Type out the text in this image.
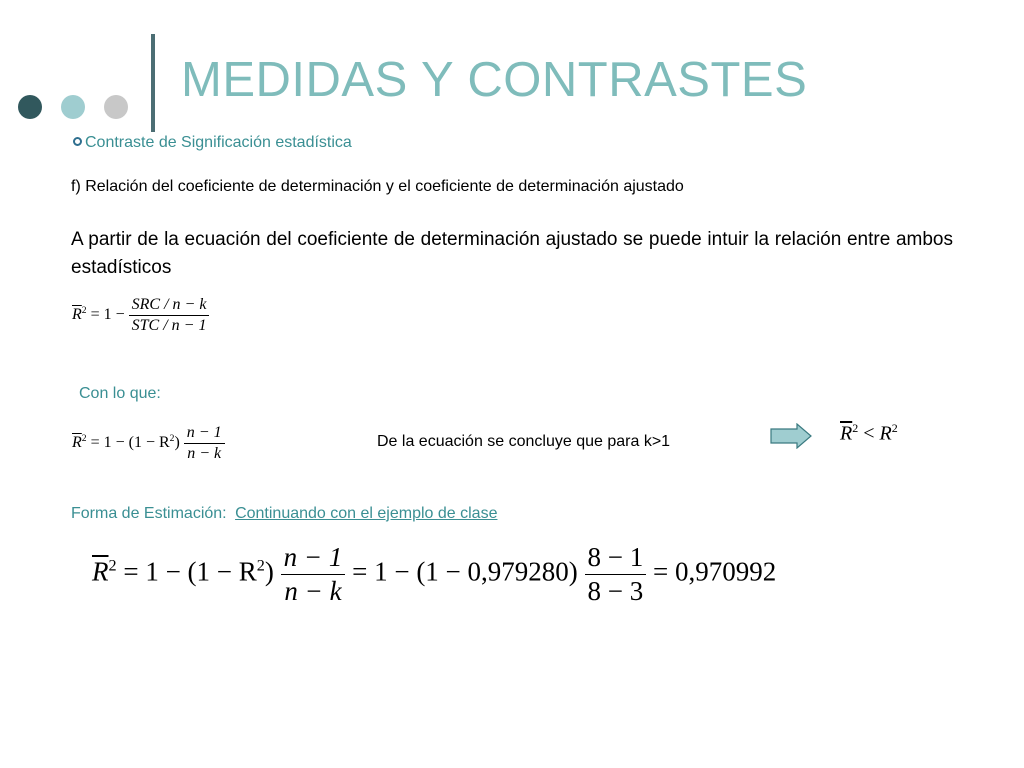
MEDIDAS Y CONTRASTES
Contraste de Significación estadística
f) Relación del coeficiente de determinación y el coeficiente de determinación ajustado
A partir de la ecuación del coeficiente de determinación ajustado se puede intuir la relación entre ambos estadísticos
$\overline{R}^2 = 1 - \frac{\text{SRC / n − k}}{\text{STC / n − 1}}$
Con lo que:
$\overline{R}^2 = 1 - (1 - R^2) \frac{n - 1}{n - k}$	De la ecuación se concluye que para k>1	$\overline{R}^2 < R^2$
Forma de Estimación: Continuando con el ejemplo de clase
$\overline{R}^2 = 1 - (1 - R^2) \frac{n - 1}{n - k} = 1 - (1 - 0,979280) \frac{8 - 1}{8 - 3} = 0,970992$
